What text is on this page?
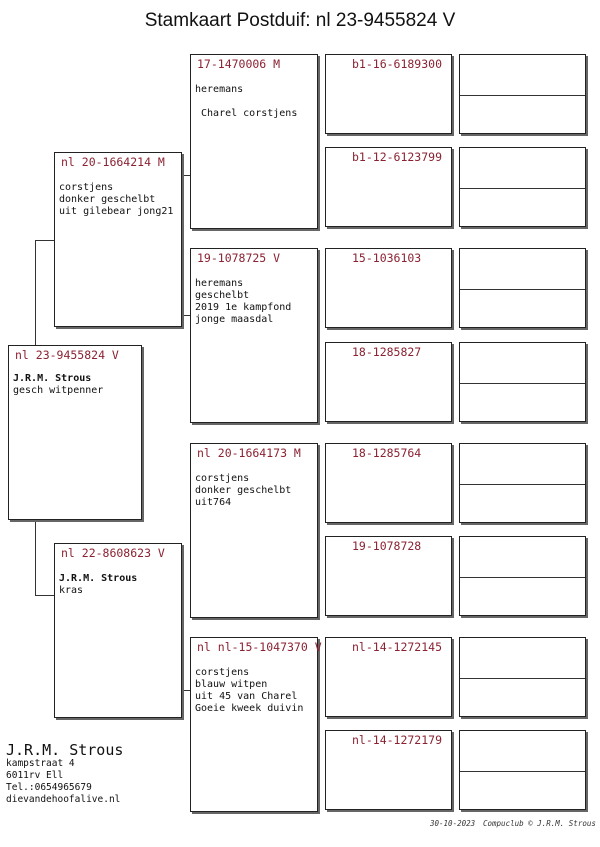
Stamkaart Postduif: nl 23-9455824 V
nl 23-9455824 V
J.R.M. Strous
gesch witpenner
nl 20-1664214 M
corstjens
donker geschelbt
uit gilebear jong21
nl 22-8608623 V
J.R.M. Strous
kras
17-1470006 M
heremans
Charel corstjens
19-1078725 V
heremans
geschelbt
2019 1e kampfond
jonge maasdal
nl 20-1664173 M
corstjens
donker geschelbt
uit764
nl nl-15-1047370 V
corstjens
blauw witpen
uit 45 van Charel
Goeie kweek duivin
b1-16-6189300
b1-12-6123799
15-1036103
18-1285827
18-1285764
19-1078728
nl-14-1272145
nl-14-1272179
J.R.M. Strous
kampstraat 4
6011rv Ell
Tel.:0654965679
dievandehoofalive.nl
30-10-2023 Compuclub © J.R.M. Strous
